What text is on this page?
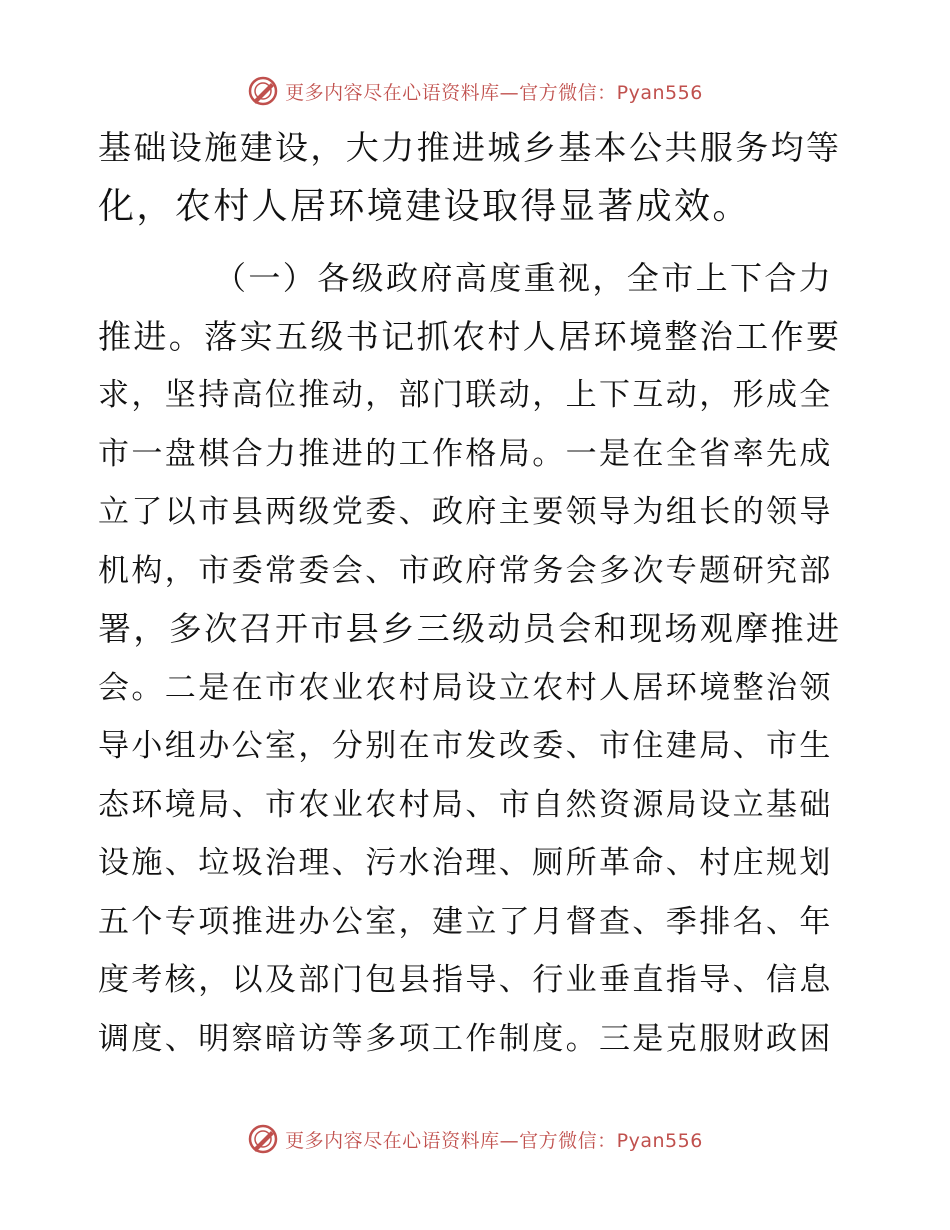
更多内容尽在心语资料库—官方微信：Pyan556
基础设施建设，大力推进城乡基本公共服务均等
化，农村人居环境建设取得显著成效。
（一）各级政府高度重视，全市上下合力
推进。落实五级书记抓农村人居环境整治工作要
求，坚持高位推动，部门联动，上下互动，形成全
市一盘棋合力推进的工作格局。一是在全省率先成
立了以市县两级党委、政府主要领导为组长的领导
机构，市委常委会、市政府常务会多次专题研究部
署，多次召开市县乡三级动员会和现场观摩推进
会。二是在市农业农村局设立农村人居环境整治领
导小组办公室，分别在市发改委、市住建局、市生
态环境局、市农业农村局、市自然资源局设立基础
设施、垃圾治理、污水治理、厕所革命、村庄规划
五个专项推进办公室，建立了月督查、季排名、年
度考核，以及部门包县指导、行业垂直指导、信息
调度、明察暗访等多项工作制度。三是克服财政困
更多内容尽在心语资料库—官方微信：Pyan556
